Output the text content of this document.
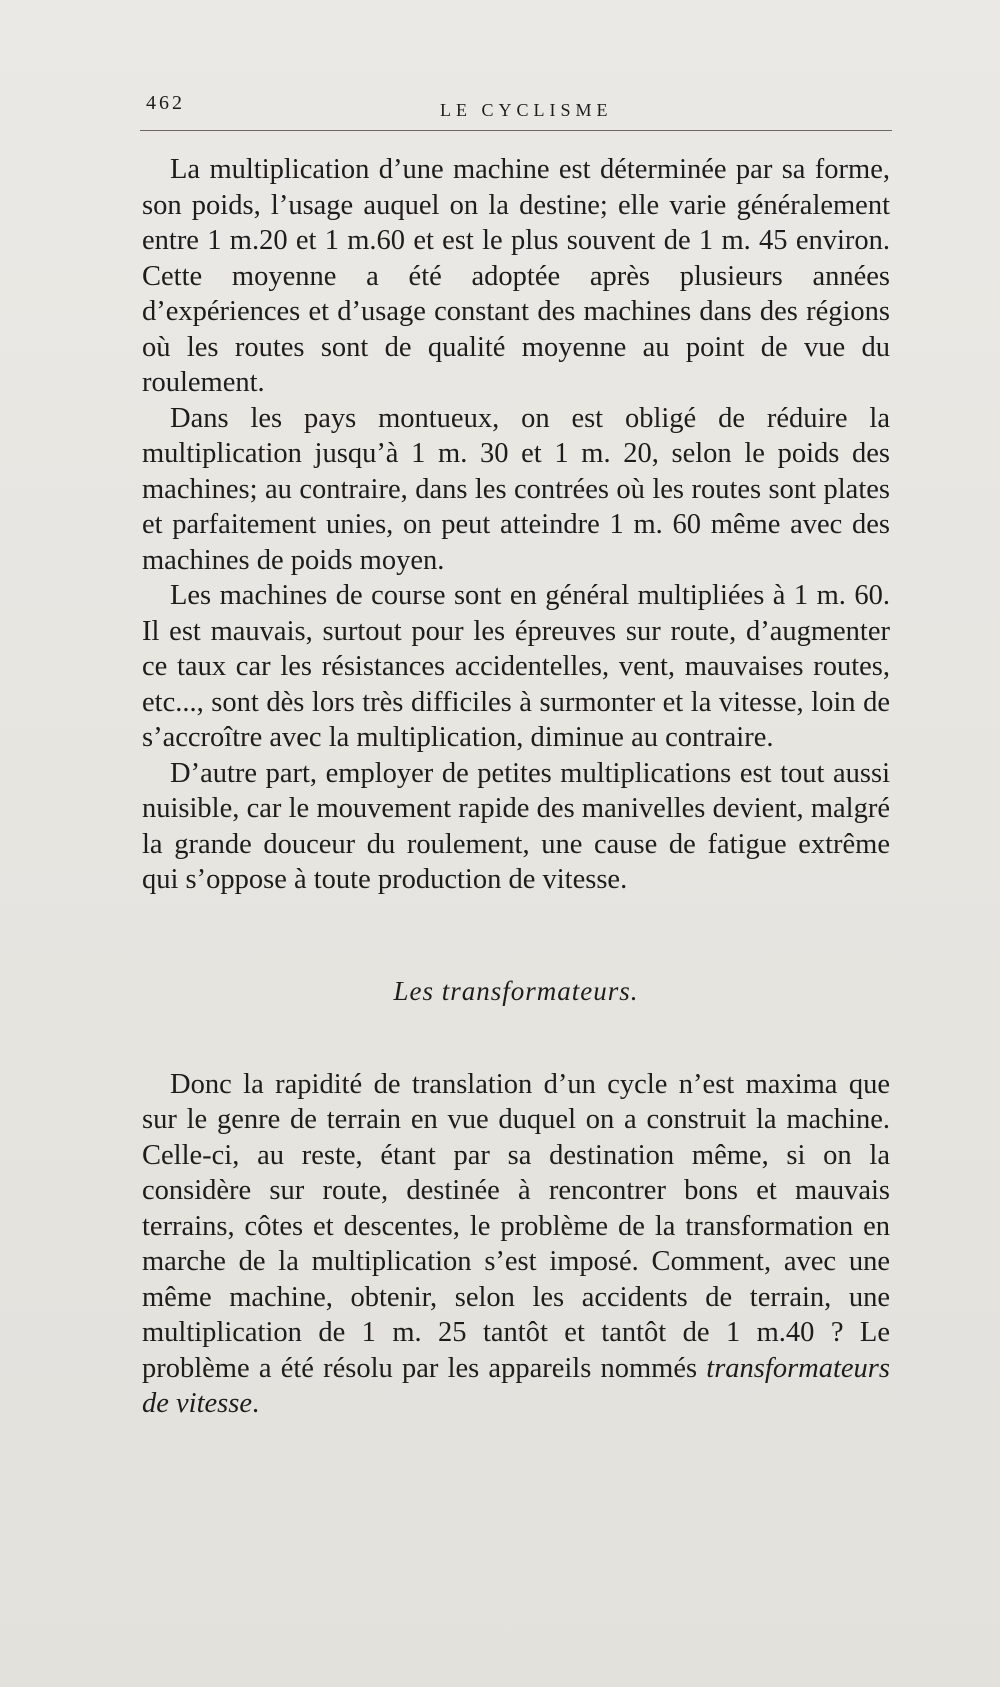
462	LE CYCLISME

La multiplication d’une machine est déterminée par sa forme, son poids, l’usage auquel on la destine; elle varie généralement entre 1 m.20 et 1 m.60 et est le plus souvent de 1 m. 45 environ. Cette moyenne a été adoptée après plusieurs années d’expériences et d’usage constant des machines dans des régions où les routes sont de qualité moyenne au point de vue du roulement.

Dans les pays montueux, on est obligé de réduire la multiplication jusqu’à 1 m. 30 et 1 m. 20, selon le poids des machines; au contraire, dans les contrées où les routes sont plates et parfaitement unies, on peut atteindre 1 m. 60 même avec des machines de poids moyen.

Les machines de course sont en général multipliées à 1 m. 60. Il est mauvais, surtout pour les épreuves sur route, d’augmenter ce taux car les résistances accidentelles, vent, mauvaises routes, etc..., sont dès lors très difficiles à surmonter et la vitesse, loin de s’accroître avec la multiplication, diminue au contraire.

D’autre part, employer de petites multiplications est tout aussi nuisible, car le mouvement rapide des manivelles devient, malgré la grande douceur du roulement, une cause de fatigue extrême qui s’oppose à toute production de vitesse.

Les transformateurs.

Donc la rapidité de translation d’un cycle n’est maxima que sur le genre de terrain en vue duquel on a construit la machine. Celle-ci, au reste, étant par sa destination même, si on la considère sur route, destinée à rencontrer bons et mauvais terrains, côtes et descentes, le problème de la transformation en marche de la multiplication s’est imposé. Comment, avec une même machine, obtenir, selon les accidents de terrain, une multiplication de 1 m. 25 tantôt et tantôt de 1 m.40 ? Le problème a été résolu par les appareils nommés transformateurs de vitesse.
